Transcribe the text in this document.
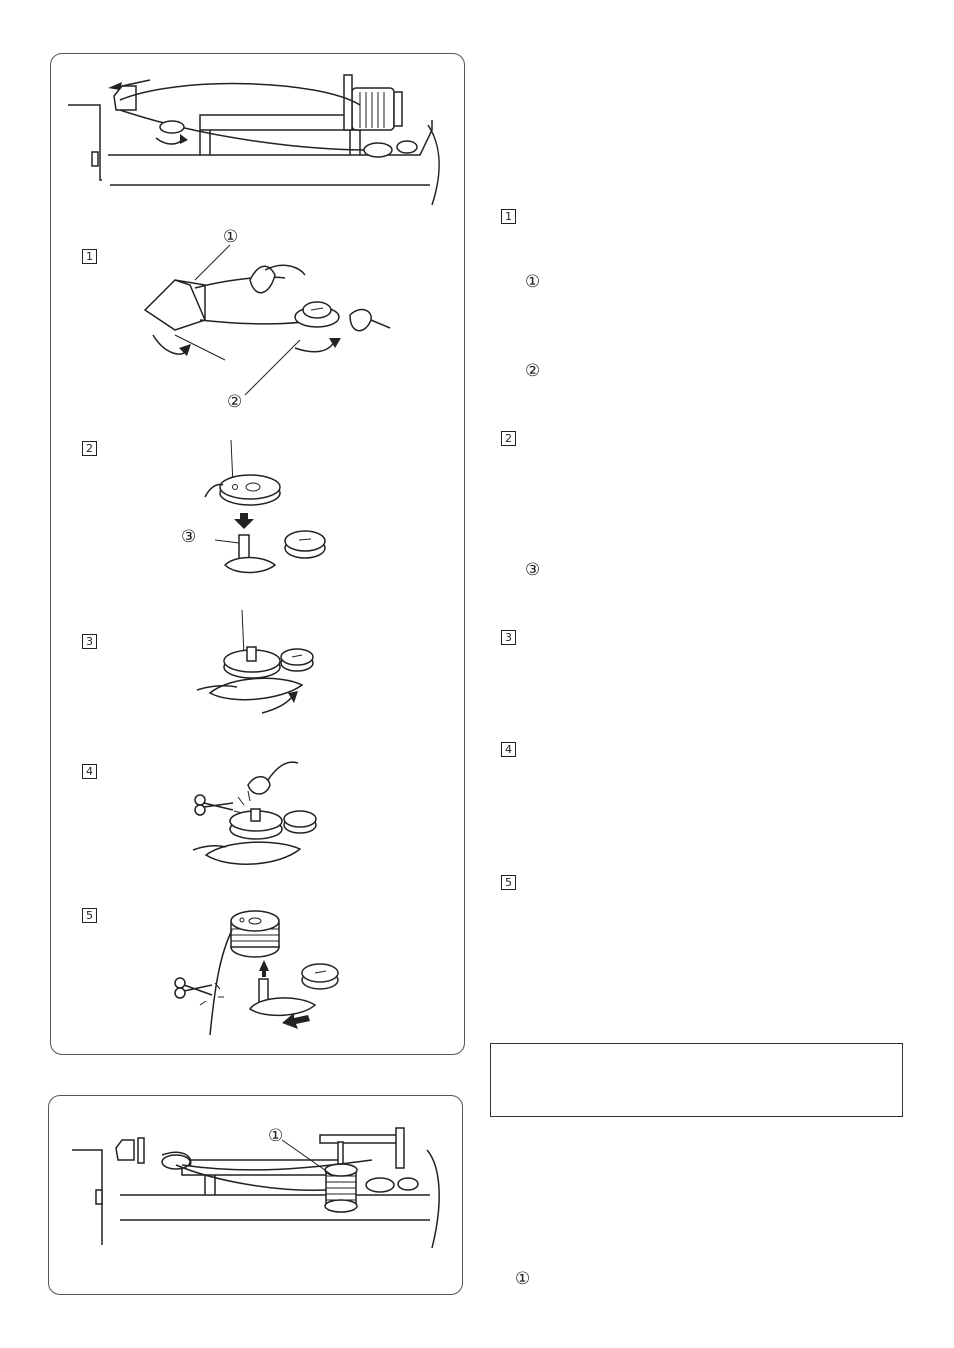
1
①
②
2
③
3
4
5
①
1
①
②
2
③
3
4
5
①
